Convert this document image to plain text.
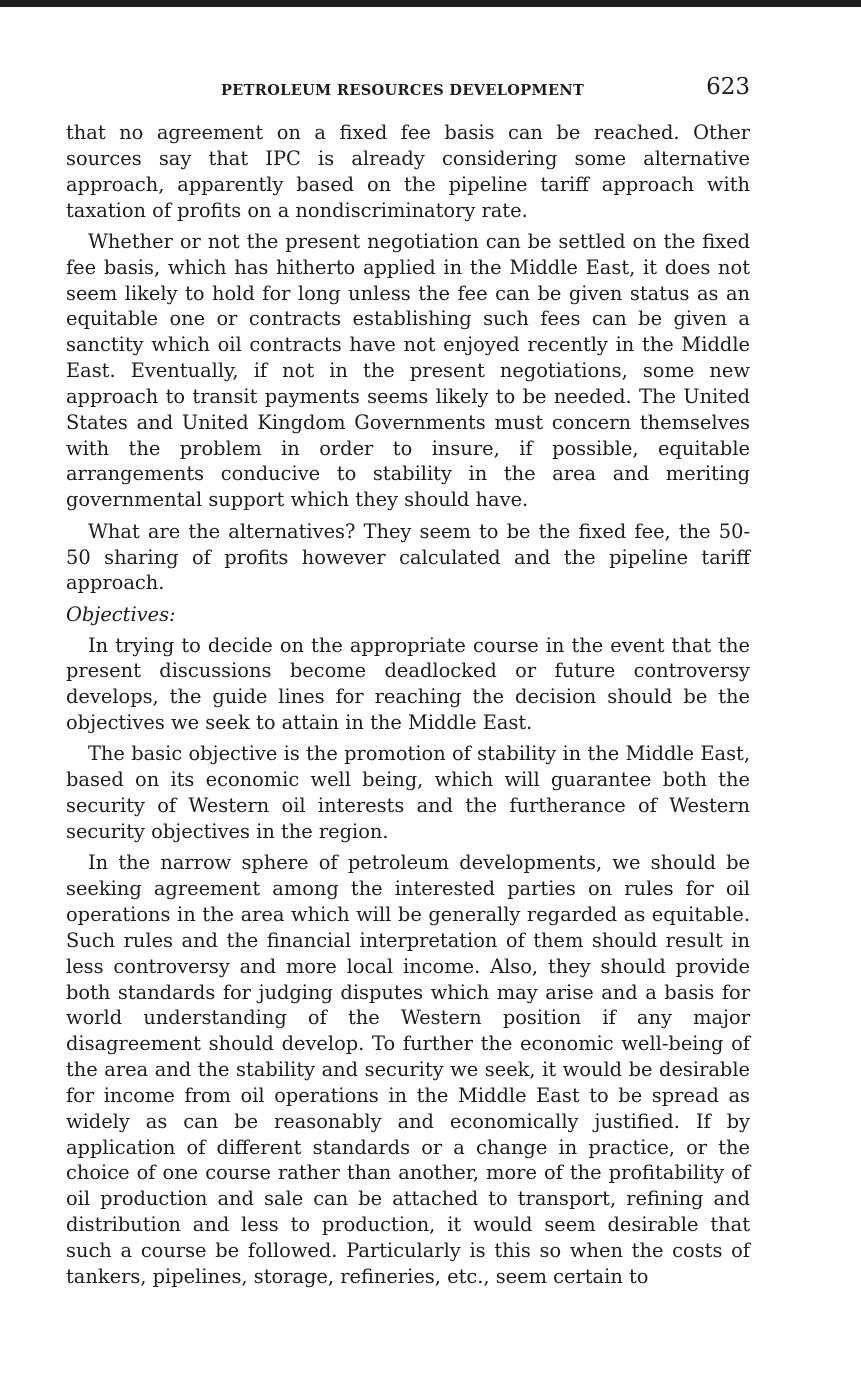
PETROLEUM RESOURCES DEVELOPMENT	623

that no agreement on a fixed fee basis can be reached. Other sources say that IPC is already considering some alternative approach, apparently based on the pipeline tariff approach with taxation of profits on a nondiscriminatory rate.

Whether or not the present negotiation can be settled on the fixed fee basis, which has hitherto applied in the Middle East, it does not seem likely to hold for long unless the fee can be given status as an equitable one or contracts establishing such fees can be given a sanctity which oil contracts have not enjoyed recently in the Middle East. Eventually, if not in the present negotiations, some new approach to transit payments seems likely to be needed. The United States and United Kingdom Governments must concern themselves with the problem in order to insure, if possible, equitable arrangements conducive to stability in the area and meriting governmental support which they should have.

What are the alternatives? They seem to be the fixed fee, the 50-50 sharing of profits however calculated and the pipeline tariff approach.

Objectives:

In trying to decide on the appropriate course in the event that the present discussions become deadlocked or future controversy develops, the guide lines for reaching the decision should be the objectives we seek to attain in the Middle East.

The basic objective is the promotion of stability in the Middle East, based on its economic well being, which will guarantee both the security of Western oil interests and the furtherance of Western security objectives in the region.

In the narrow sphere of petroleum developments, we should be seeking agreement among the interested parties on rules for oil operations in the area which will be generally regarded as equitable. Such rules and the financial interpretation of them should result in less controversy and more local income. Also, they should provide both standards for judging disputes which may arise and a basis for world understanding of the Western position if any major disagreement should develop. To further the economic well-being of the area and the stability and security we seek, it would be desirable for income from oil operations in the Middle East to be spread as widely as can be reasonably and economically justified. If by application of different standards or a change in practice, or the choice of one course rather than another, more of the profitability of oil production and sale can be attached to transport, refining and distribution and less to production, it would seem desirable that such a course be followed. Particularly is this so when the costs of tankers, pipelines, storage, refineries, etc., seem certain to
